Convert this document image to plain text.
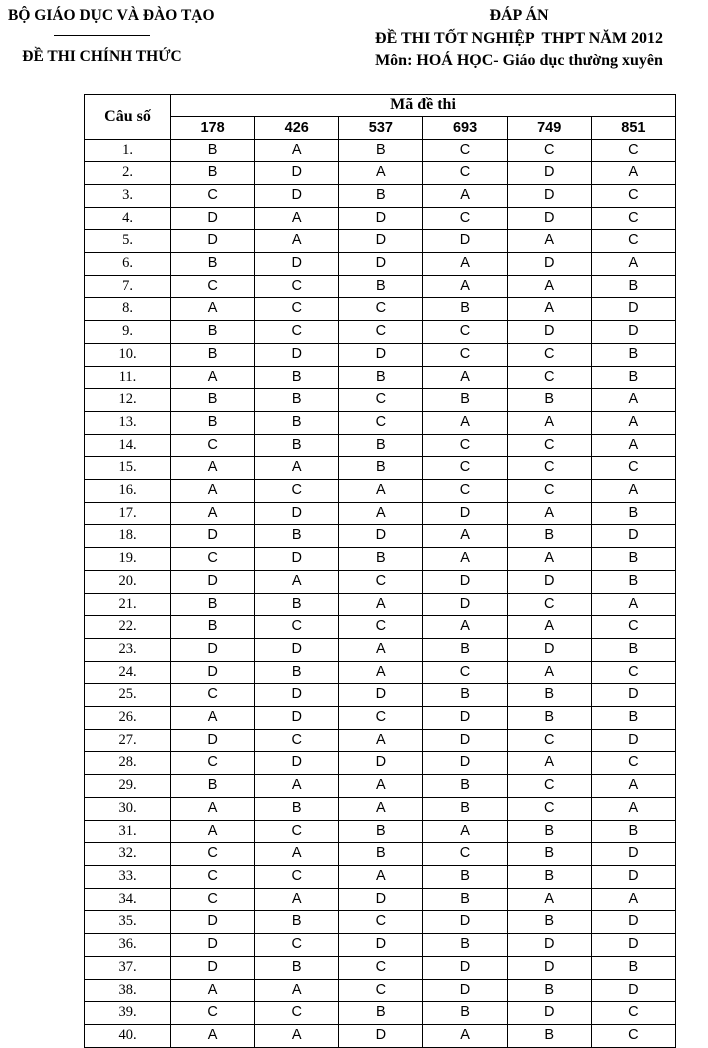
BỘ GIÁO DỤC VÀ ĐÀO TẠO
ĐỀ THI CHÍNH THỨC
ĐÁP ÁN
ĐỀ THI TỐT NGHIỆP  THPT NĂM 2012
Môn: HOÁ HỌC- Giáo dục thường xuyên
Câu số	Mã đề thi					
	178	426	537	693	749	851
1.	B	A	B	C	C	C
2.	B	D	A	C	D	A
3.	C	D	B	A	D	C
4.	D	A	D	C	D	C
5.	D	A	D	D	A	C
6.	B	D	D	A	D	A
7.	C	C	B	A	A	B
8.	A	C	C	B	A	D
9.	B	C	C	C	D	D
10.	B	D	D	C	C	B
11.	A	B	B	A	C	B
12.	B	B	C	B	B	A
13.	B	B	C	A	A	A
14.	C	B	B	C	C	A
15.	A	A	B	C	C	C
16.	A	C	A	C	C	A
17.	A	D	A	D	A	B
18.	D	B	D	A	B	D
19.	C	D	B	A	A	B
20.	D	A	C	D	D	B
21.	B	B	A	D	C	A
22.	B	C	C	A	A	C
23.	D	D	A	B	D	B
24.	D	B	A	C	A	C
25.	C	D	D	B	B	D
26.	A	D	C	D	B	B
27.	D	C	A	D	C	D
28.	C	D	D	D	A	C
29.	B	A	A	B	C	A
30.	A	B	A	B	C	A
31.	A	C	B	A	B	B
32.	C	A	B	C	B	D
33.	C	C	A	B	B	D
34.	C	A	D	B	A	A
35.	D	B	C	D	B	D
36.	D	C	D	B	D	D
37.	D	B	C	D	D	B
38.	A	A	C	D	B	D
39.	C	C	B	B	D	C
40.	A	A	D	A	B	C
